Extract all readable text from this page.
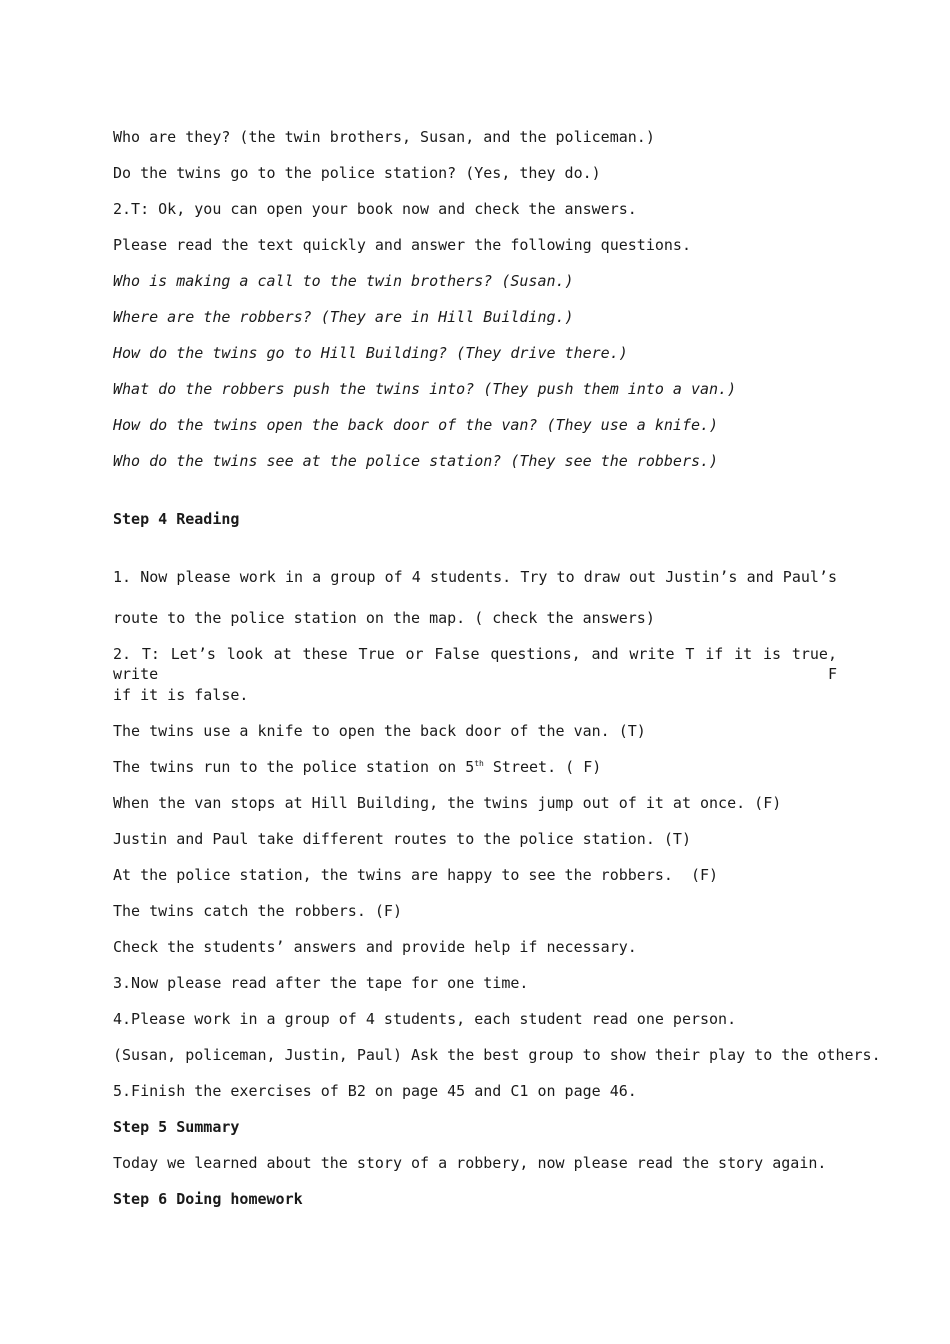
Who are they? (the twin brothers, Susan, and the policeman.)
Do the twins go to the police station? (Yes, they do.)
2.T: Ok, you can open your book now and check the answers.
Please read the text quickly and answer the following questions.
Who is making a call to the twin brothers? (Susan.)
Where are the robbers? (They are in Hill Building.)
How do the twins go to Hill Building? (They drive there.)
What do the robbers push the twins into? (They push them into a van.)
How do the twins open the back door of the van? (They use a knife.)
Who do the twins see at the police station? (They see the robbers.)
Step 4 Reading
1. Now please work in a group of 4 students. Try to draw out Justin’s and Paul’s
route to the police station on the map. ( check the answers)
2. T: Let’s look at these True or False questions, and write T if it is true, write F
if it is false.
The twins use a knife to open the back door of the van. (T)
The twins run to the police station on 5th Street. ( F)
When the van stops at Hill Building, the twins jump out of it at once. (F)
Justin and Paul take different routes to the police station. (T)
At the police station, the twins are happy to see the robbers.  (F)
The twins catch the robbers. (F)
Check the students’ answers and provide help if necessary.
3.Now please read after the tape for one time.
4.Please work in a group of 4 students, each student read one person.
(Susan, policeman, Justin, Paul) Ask the best group to show their play to the others.
5.Finish the exercises of B2 on page 45 and C1 on page 46.
Step 5 Summary
Today we learned about the story of a robbery, now please read the story again.
Step 6 Doing homework
